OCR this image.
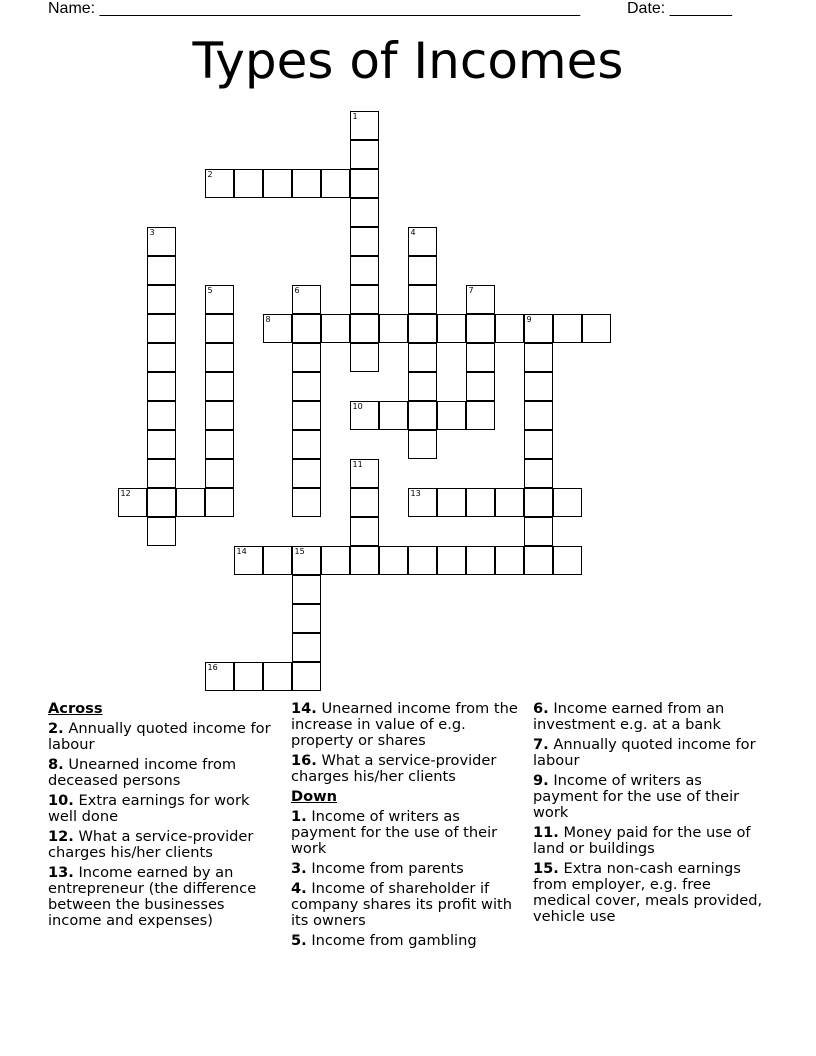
Name: ______________________________________________________	Date: _______
Types of Incomes
1
2
3	4
5	6	7
8	9
10
11
12	13
14	15
16
Across
2. Annually quoted income for labour
8. Unearned income from deceased persons
10. Extra earnings for work well done
12. What a service-provider charges his/her clients
13. Income earned by an entrepreneur (the difference between the businesses income and expenses)
14. Unearned income from the increase in value of e.g. property or shares
16. What a service-provider charges his/her clients
Down
1. Income of writers as payment for the use of their work
3. Income from parents
4. Income of shareholder if company shares its profit with its owners
5. Income from gambling
6. Income earned from an investment e.g. at a bank
7. Annually quoted income for labour
9. Income of writers as payment for the use of their work
11. Money paid for the use of land or buildings
15. Extra non-cash earnings from employer, e.g. free medical cover, meals provided, vehicle use
